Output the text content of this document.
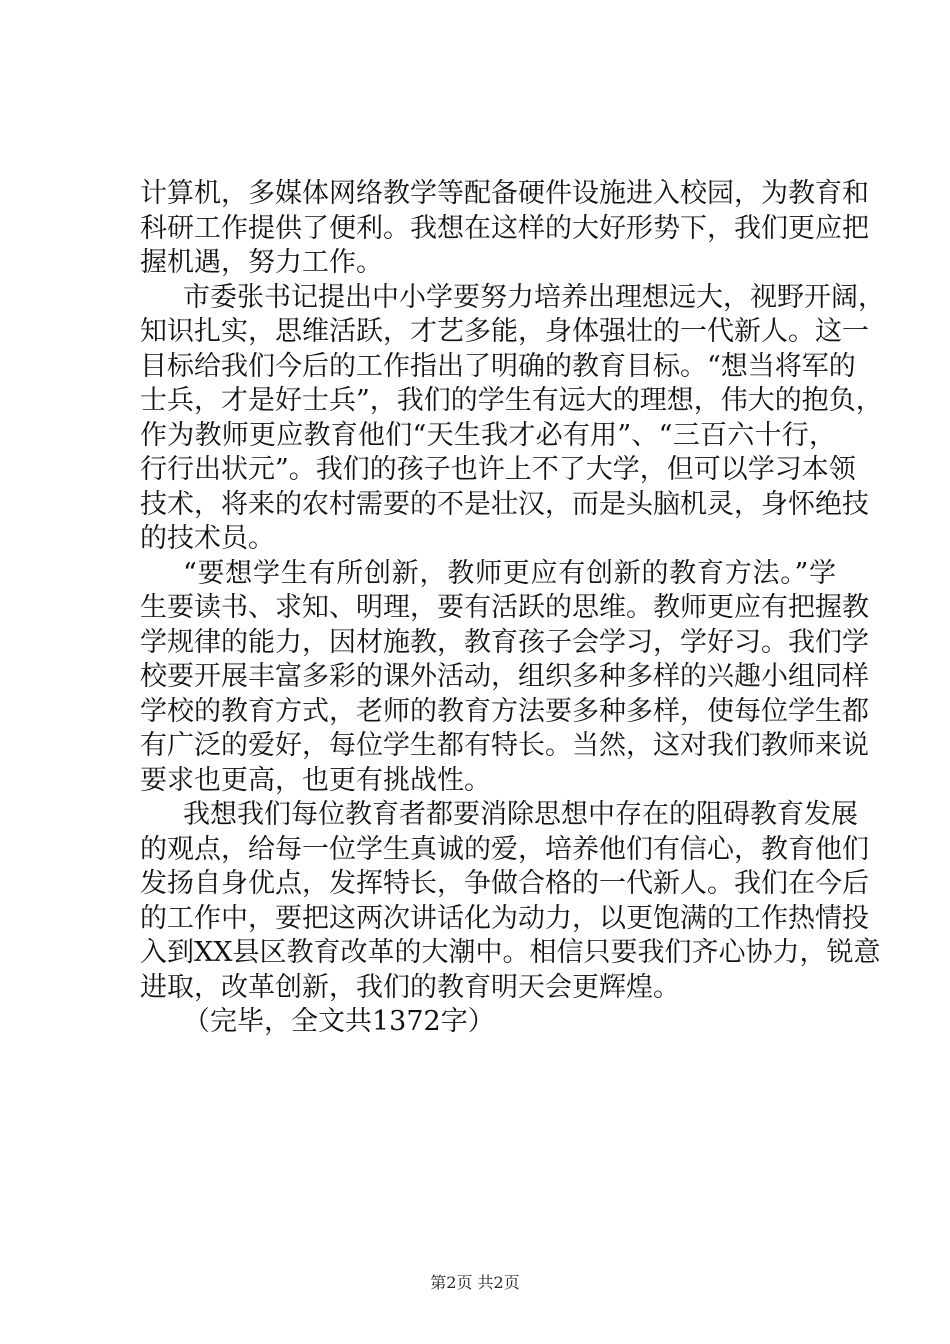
计算机，多媒体网络教学等配备硬件设施进入校园，为教育和
科研工作提供了便利。我想在这样的大好形势下，我们更应把
握机遇，努力工作。
市委张书记提出中小学要努力培养出理想远大，视野开阔，
知识扎实，思维活跃，才艺多能，身体强壮的一代新人。这一
目标给我们今后的工作指出了明确的教育目标。“想当将军的
士兵，才是好士兵”，我们的学生有远大的理想，伟大的抱负，
作为教师更应教育他们“天生我才必有用”、“三百六十行，
行行出状元”。我们的孩子也许上不了大学，但可以学习本领
技术，将来的农村需要的不是壮汉，而是头脑机灵，身怀绝技
的技术员。
“要想学生有所创新，教师更应有创新的教育方法。”学
生要读书、求知、明理，要有活跃的思维。教师更应有把握教
学规律的能力，因材施教，教育孩子会学习，学好习。我们学
校要开展丰富多彩的课外活动，组织多种多样的兴趣小组同样
学校的教育方式，老师的教育方法要多种多样，使每位学生都
有广泛的爱好，每位学生都有特长。当然，这对我们教师来说
要求也更高，也更有挑战性。
我想我们每位教育者都要消除思想中存在的阻碍教育发展
的观点，给每一位学生真诚的爱，培养他们有信心，教育他们
发扬自身优点，发挥特长，争做合格的一代新人。我们在今后
的工作中，要把这两次讲话化为动力，以更饱满的工作热情投
入到XX县区教育改革的大潮中。相信只要我们齐心协力，锐意
进取，改革创新，我们的教育明天会更辉煌。
（完毕，全文共1372字）
第2页 共2页
